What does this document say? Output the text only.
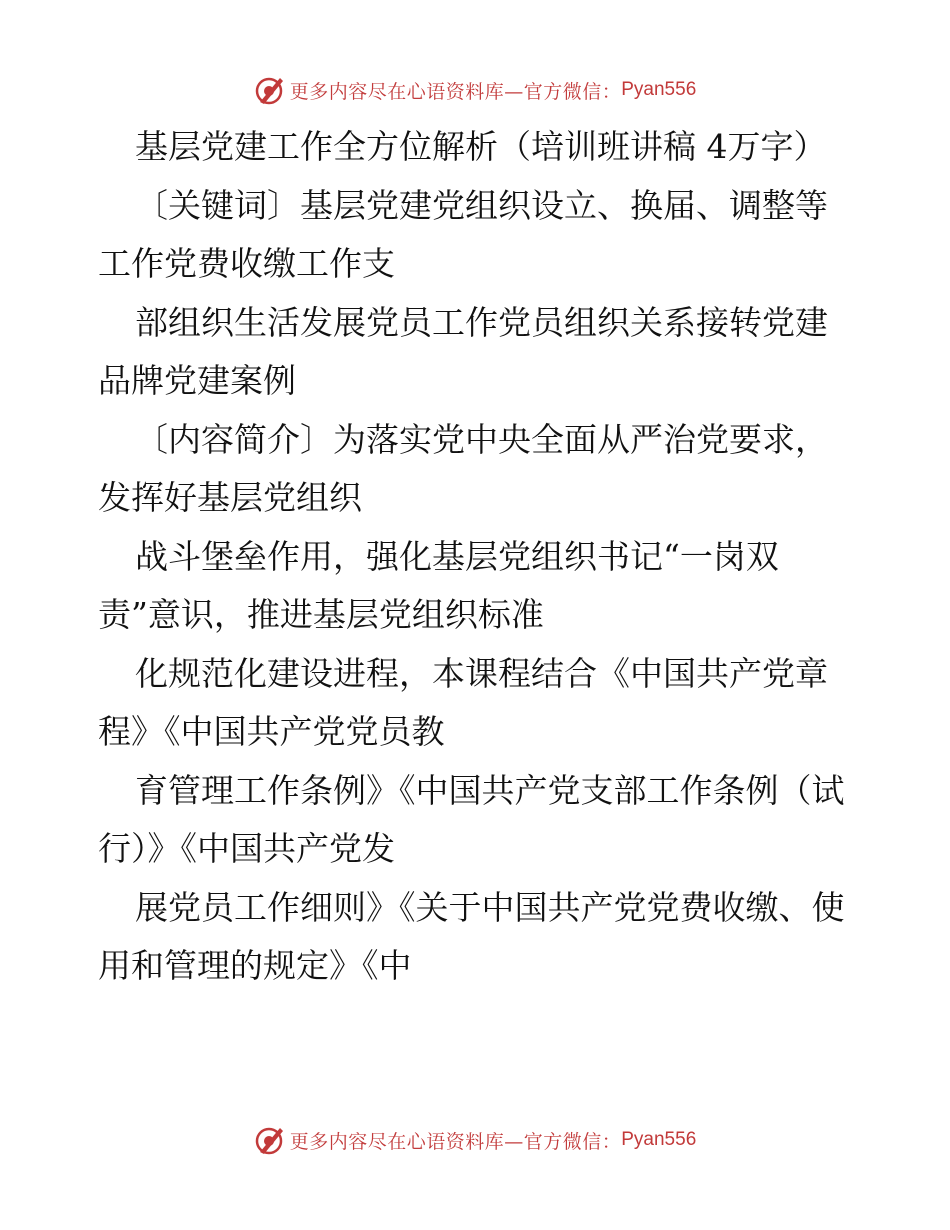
更多内容尽在心语资料库—官方微信： Pyan556

基层党建工作全方位解析（培训班讲稿 4万字）

〔关键词〕基层党建党组织设立、换届、调整等工作党费收缴工作支

部组织生活发展党员工作党员组织关系接转党建品牌党建案例

〔内容简介〕为落实党中央全面从严治党要求，发挥好基层党组织

战斗堡垒作用，强化基层党组织书记“一岗双责”意识，推进基层党组织标准

化规范化建设进程，本课程结合《中国共产党章程》《中国共产党党员教

育管理工作条例》《中国共产党支部工作条例（试行）》《中国共产党发

展党员工作细则》《关于中国共产党党费收缴、使用和管理的规定》《中

更多内容尽在心语资料库—官方微信： Pyan556
